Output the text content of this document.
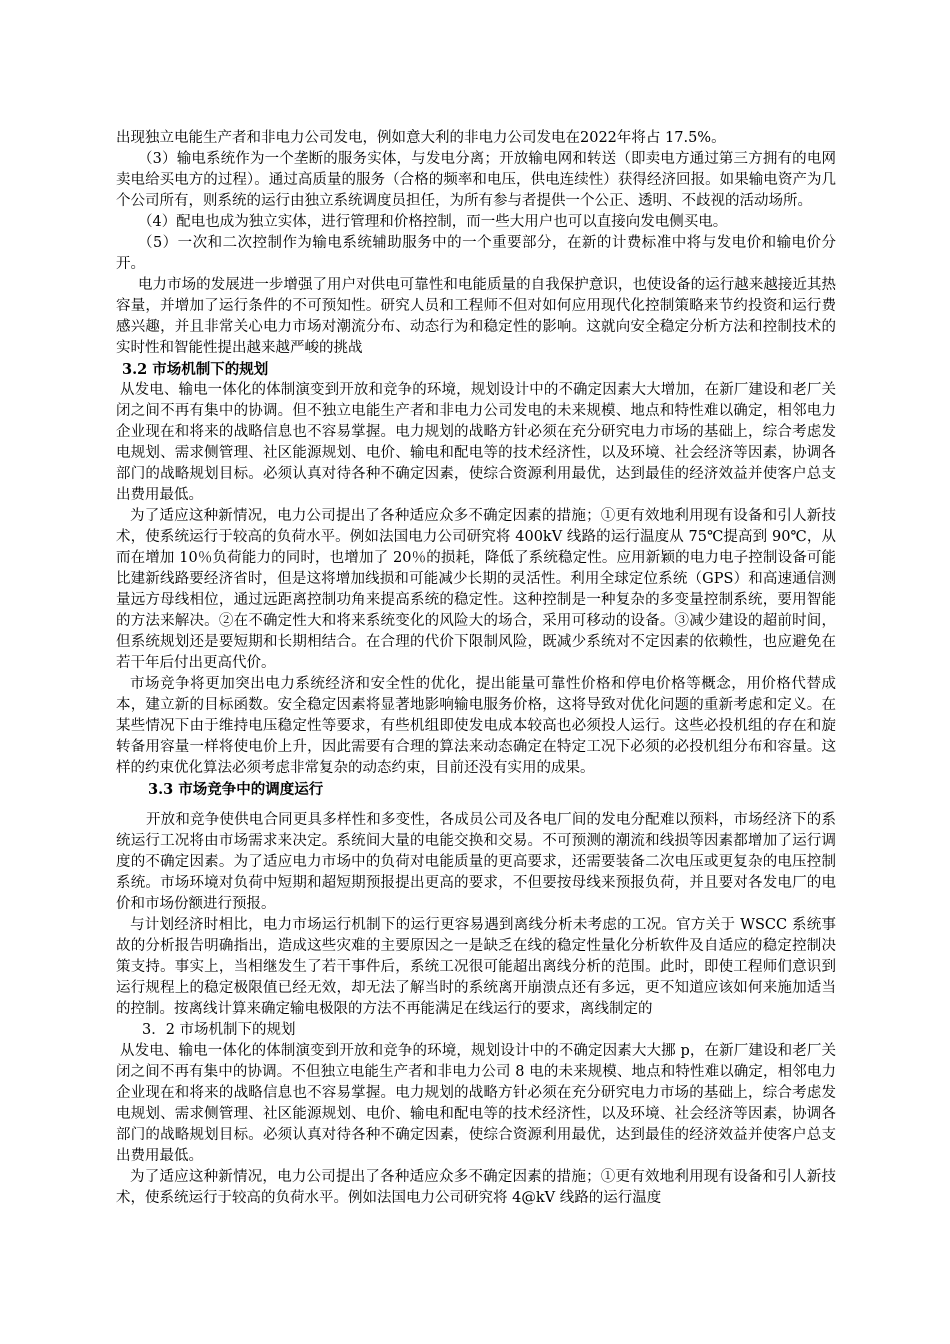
出现独立电能生产者和非电力公司发电，例如意大利的非电力公司发电在2022年将占 17.5%。

（3）输电系统作为一个垄断的服务实体，与发电分离；开放输电网和转送（即卖电方通过第三方拥有的电网卖电给买电方的过程）。通过高质量的服务（合格的频率和电压，供电连续性）获得经济回报。如果输电资产为几个公司所有，则系统的运行由独立系统调度员担任，为所有参与者提供一个公正、透明、不歧视的活动场所。

（4）配电也成为独立实体，进行管理和价格控制，而一些大用户也可以直接向发电侧买电。

（5）一次和二次控制作为输电系统辅助服务中的一个重要部分，在新的计费标准中将与发电价和输电价分开。

电力市场的发展进一步增强了用户对供电可靠性和电能质量的自我保护意识，也使设备的运行越来越接近其热容量，并增加了运行条件的不可预知性。研究人员和工程师不但对如何应用现代化控制策略来节约投资和运行费感兴趣，并且非常关心电力市场对潮流分布、动态行为和稳定性的影响。这就向安全稳定分析方法和控制技术的实时性和智能性提出越来越严峻的挑战

3.2 市场机制下的规划

从发电、输电一体化的体制演变到开放和竞争的环境，规划设计中的不确定因素大大增加，在新厂建设和老厂关闭之间不再有集中的协调。但不独立电能生产者和非电力公司发电的未来规模、地点和特性难以确定，相邻电力企业现在和将来的战略信息也不容易掌握。电力规划的战略方针必须在充分研究电力市场的基础上，综合考虑发电规划、需求侧管理、社区能源规划、电价、输电和配电等的技术经济性，以及环境、社会经济等因素，协调各部门的战略规划目标。必须认真对待各种不确定因素，使综合资源利用最优，达到最佳的经济效益并使客户总支出费用最低。

为了适应这种新情况，电力公司提出了各种适应众多不确定因素的措施；①更有效地利用现有设备和引人新技术，使系统运行于较高的负荷水平。例如法国电力公司研究将 400kV 线路的运行温度从 75℃提高到 90℃，从而在增加 10％负荷能力的同时，也增加了 20％的损耗，降低了系统稳定性。应用新颖的电力电子控制设备可能比建新线路要经济省时，但是这将增加线损和可能减少长期的灵活性。利用全球定位系统（GPS）和高速通信测量远方母线相位，通过远距离控制功角来提高系统的稳定性。这种控制是一种复杂的多变量控制系统，要用智能的方法来解决。②在不确定性大和将来系统变化的风险大的场合，采用可移动的设备。③减少建设的超前时间，但系统规划还是要短期和长期相结合。在合理的代价下限制风险，既减少系统对不定因素的依赖性，也应避免在若干年后付出更高代价。

市场竞争将更加突出电力系统经济和安全性的优化，提出能量可靠性价格和停电价格等概念，用价格代替成本，建立新的目标函数。安全稳定因素将显著地影响输电服务价格，这将导致对优化问题的重新考虑和定义。在某些情况下由于维持电压稳定性等要求，有些机组即使发电成本较高也必须投人运行。这些必投机组的存在和旋转备用容量一样将使电价上升，因此需要有合理的算法来动态确定在特定工况下必须的必投机组分布和容量。这样的约束优化算法必须考虑非常复杂的动态约束，目前还没有实用的成果。

3.3 市场竞争中的调度运行

开放和竞争使供电合同更具多样性和多变性，各成员公司及各电厂间的发电分配难以预料，市场经济下的系统运行工况将由市场需求来决定。系统间大量的电能交换和交易。不可预测的潮流和线损等因素都增加了运行调度的不确定因素。为了适应电力市场中的负荷对电能质量的更高要求，还需要装备二次电压或更复杂的电压控制系统。市场环境对负荷中短期和超短期预报提出更高的要求，不但要按母线来预报负荷，并且要对各发电厂的电价和市场份额进行预报。

与计划经济时相比，电力市场运行机制下的运行更容易遇到离线分析未考虑的工况。官方关于 WSCC 系统事故的分析报告明确指出，造成这些灾难的主要原因之一是缺乏在线的稳定性量化分析软件及自适应的稳定控制决策支持。事实上，当相继发生了若干事件后，系统工况很可能超出离线分析的范围。此时，即使工程师们意识到运行规程上的稳定极限值已经无效，却无法了解当时的系统离开崩溃点还有多远，更不知道应该如何来施加适当的控制。按离线计算来确定输电极限的方法不再能满足在线运行的要求，离线制定的

3．2 市场机制下的规划

从发电、输电一体化的体制演变到开放和竞争的环境，规划设计中的不确定因素大大挪 p，在新厂建设和老厂关闭之间不再有集中的协调。不但独立电能生产者和非电力公司 8 电的未来规模、地点和特性难以确定，相邻电力企业现在和将来的战略信息也不容易掌握。电力规划的战略方针必须在充分研究电力市场的基础上，综合考虑发电规划、需求侧管理、社区能源规划、电价、输电和配电等的技术经济性，以及环境、社会经济等因素，协调各部门的战略规划目标。必须认真对待各种不确定因素，使综合资源利用最优，达到最佳的经济效益并使客户总支出费用最低。

为了适应这种新情况，电力公司提出了各种适应众多不确定因素的措施；①更有效地利用现有设备和引人新技术，使系统运行于较高的负荷水平。例如法国电力公司研究将 4@kV 线路的运行温度
